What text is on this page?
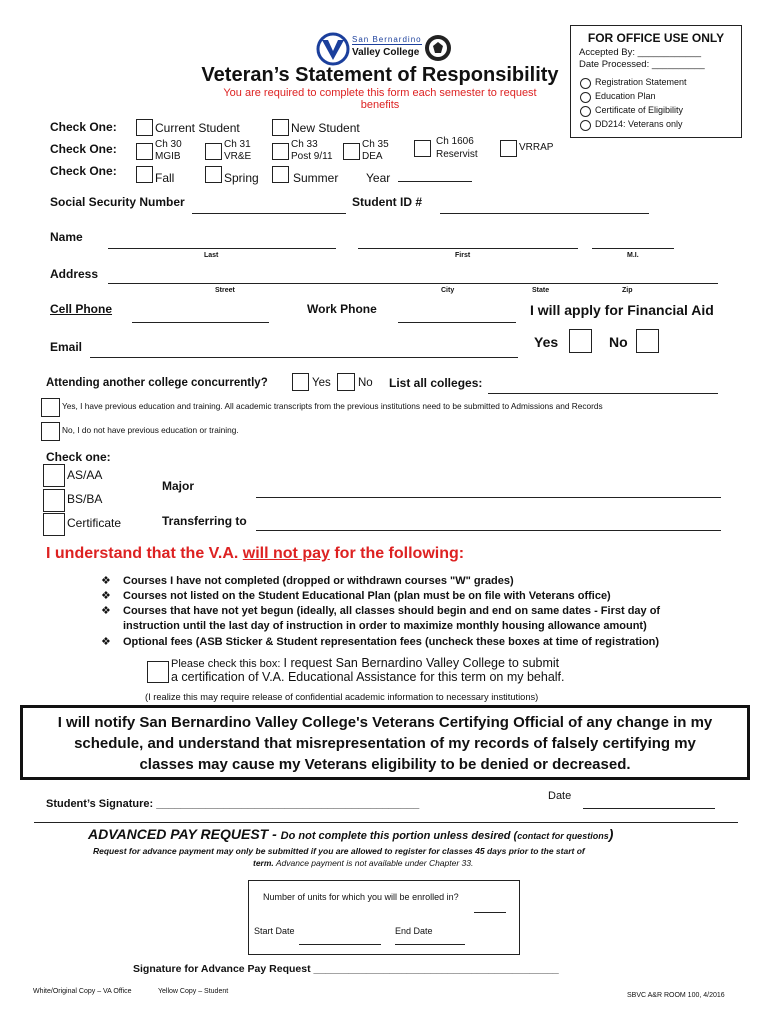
San Bernardino
Valley College
Veteran’s Statement of Responsibility
You are required to complete this form each semester to request
benefits
FOR OFFICE USE ONLY
Accepted By: ____________
Date Processed: __________
Registration Statement
Education Plan
Certificate of Eligibility
DD214: Veterans only
Check One:	Current Student	New Student
Check One:	Ch 30
MGIB
Ch 31
VR&E
Ch 33
Post 9/11
Ch 35
DEA
Ch 1606
Reservist
VRRAP
Check One:	Fall	Spring	Summer Year
Social Security Number	Student ID #
Name
Last	First	M.I.
Address
Street	City	State	Zip
Cell Phone	Work Phone	I will apply for Financial Aid
Email	Yes	No
Attending another college concurrently?	Yes No List all colleges:
Yes, I have previous education and training. All academic transcripts from the previous institutions need to be submitted to Admissions and Records
No, I do not have previous education or training.
Check one:
AS/AA
BS/BA
Certificate
Major
Transferring to
I understand that the V.A. will not pay for the following:
❖ Courses I have not completed (dropped or withdrawn courses "W" grades)
❖ Courses not listed on the Student Educational Plan (plan must be on file with Veterans office)
❖ Courses that have not yet begun (ideally, all classes should begin and end on same dates - First day of
instruction until the last day of instruction in order to maximize monthly housing allowance amount)
❖ Optional fees (ASB Sticker & Student representation fees (uncheck these boxes at time of registration)
Please check this box: I request San Bernardino Valley College to submit
a certification of V.A. Educational Assistance for this term on my behalf.
(I realize this may require release of confidential academic information to necessary institutions)
I will notify San Bernardino Valley College's Veterans Certifying Official of any change in my
schedule, and understand that misrepresentation of my records of falsely certifying my
classes may cause my Veterans eligibility to be denied or decreased.
Student’s Signature: ___________________________________________
Date
ADVANCED PAY REQUEST - Do not complete this portion unless desired (contact for questions)
Request for advance payment may only be submitted if you are allowed to register for classes 45 days prior to the start of
term. Advance payment is not available under Chapter 33.
Number of units for which you will be enrolled in?
Start Date	End Date
Signature for Advance Pay Request __________________________________________
White/Original Copy – VA Office	Yellow Copy – Student
SBVC A&R ROOM 100, 4/2016
